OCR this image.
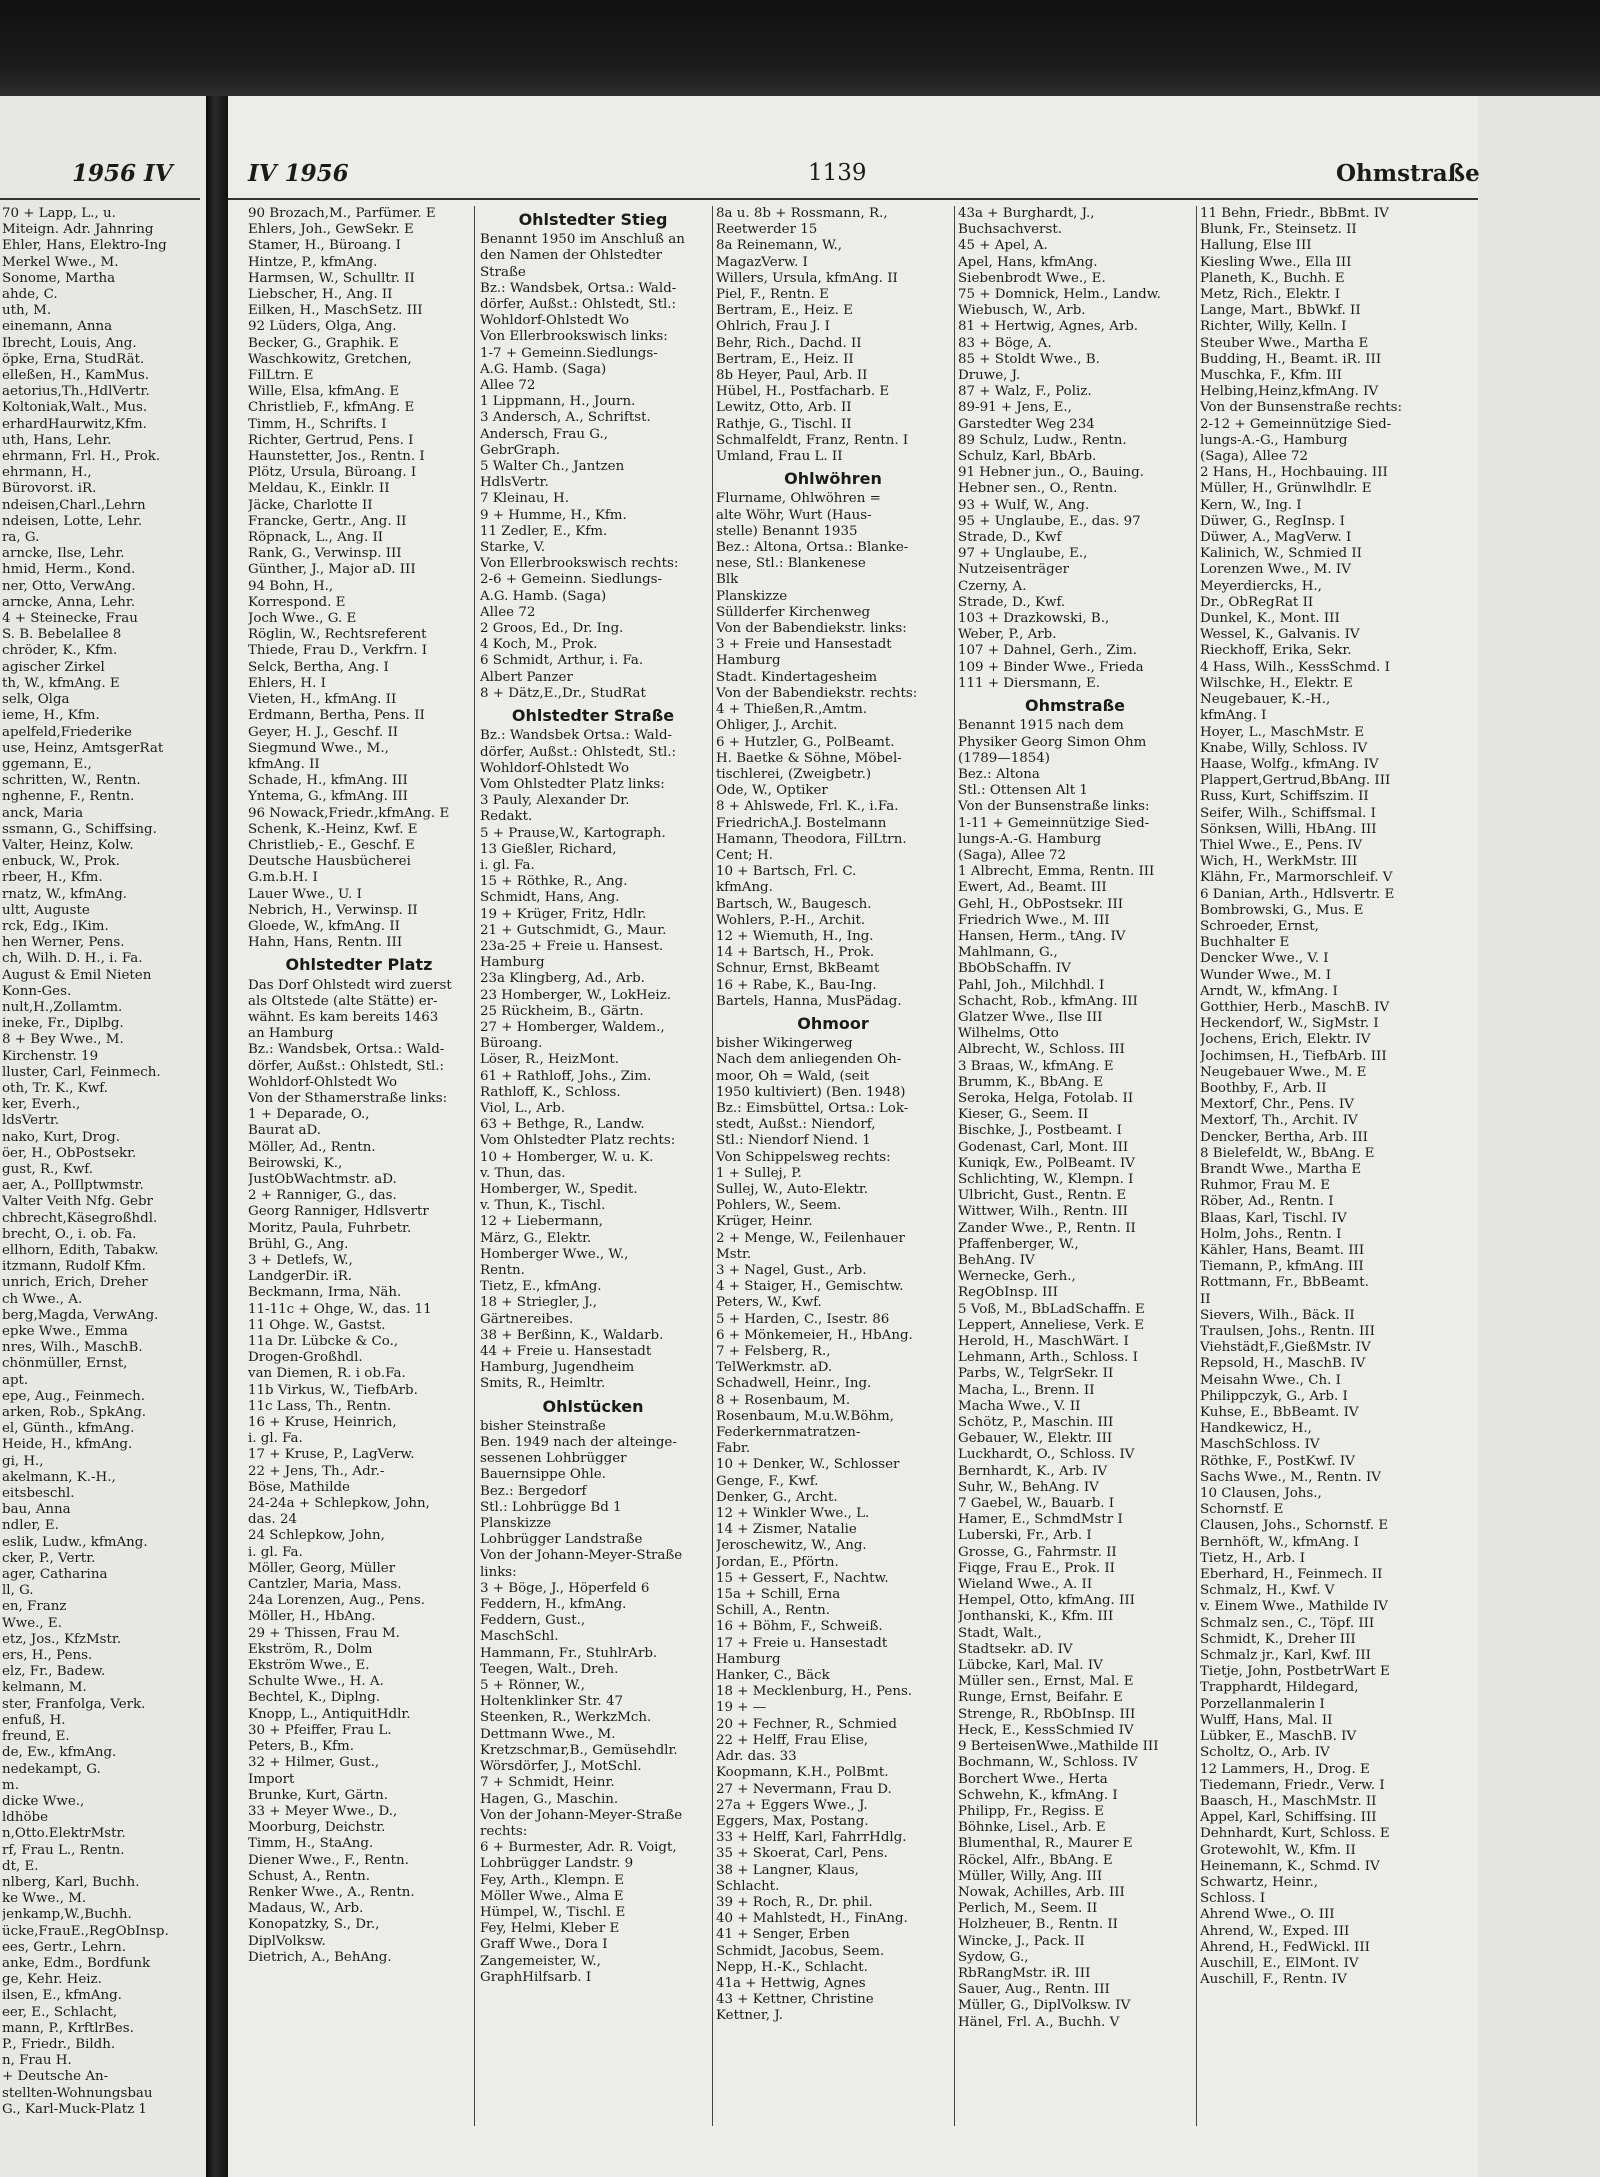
1956 IV
70 + Lapp, L., u.
Miteign. Adr. Jahnring
Ehler, Hans, Elektro-Ing
Merkel Wwe., M.
Sonome, Martha
ahde, C.
uth, M.
einemann, Anna
Ibrecht, Louis, Ang.
öpke, Erna, StudRät.
elleßen, H., KamMus.
aetorius,Th.,HdlVertr.
Koltoniak,Walt., Mus.
erhardHaurwitz,Kfm.
uth, Hans, Lehr.
ehrmann, Frl. H., Prok.
ehrmann, H.,
Bürovorst. iR.
ndeisen,Charl.,Lehrn
ndeisen, Lotte, Lehr.
ra, G.
arncke, Ilse, Lehr.
hmid, Herm., Kond.
ner, Otto, VerwAng.
arncke, Anna, Lehr.
4 + Steinecke, Frau
S. B. Bebelallee 8
chröder, K., Kfm.
agischer Zirkel
th, W., kfmAng. E
selk, Olga
ieme, H., Kfm.
apelfeld,Friederike
use, Heinz, AmtsgerRat
ggemann, E.,
schritten, W., Rentn.
nghenne, F., Rentn.
anck, Maria
ssmann, G., Schiffsing.
Valter, Heinz, Kolw.
enbuck, W., Prok.
rbeer, H., Kfm.
rnatz, W., kfmAng.
ultt, Auguste
rck, Edg., IKim.
hen Werner, Pens.
ch, Wilh. D. H., i. Fa.
August & Emil Nieten
Konn-Ges.
nult,H.,Zollamtm.
ineke, Fr., Diplbg.
8 + Bey Wwe., M.
Kirchenstr. 19
lluster, Carl, Feinmech.
oth, Tr. K., Kwf.
ker, Everh.,
ldsVertr.
nako, Kurt, Drog.
öer, H., ObPostsekr.
gust, R., Kwf.
aer, A., PolIlptwmstr.
Valter Veith Nfg. Gebr
chbrecht,Käsegroßhdl.
brecht, O., i. ob. Fa.
ellhorn, Edith, Tabakw.
itzmann, Rudolf Kfm.
unrich, Erich, Dreher
ch Wwe., A.
berg,Magda, VerwAng.
epke Wwe., Emma
nres, Wilh., MaschB.
chönmüller, Ernst,
apt.
epe, Aug., Feinmech.
arken, Rob., SpkAng.
el, Günth., kfmAng.
Heide, H., kfmAng.
gi, H.,
akelmann, K.-H.,
eitsbeschl.
bau, Anna
ndler, E.
eslik, Ludw., kfmAng.
cker, P., Vertr.
ager, Catharina
ll, G.
en, Franz
Wwe., E.
etz, Jos., KfzMstr.
ers, H., Pens.
elz, Fr., Badew.
kelmann, M.
ster, Franfolga, Verk.
enfuß, H.
freund, E.
de, Ew., kfmAng.
nedekampt, G.
m.
dicke Wwe.,
ldhöbe
n,Otto.ElektrMstr.
rf, Frau L., Rentn.
dt, E.
nlberg, Karl, Buchh.
ke Wwe., M.
jenkamp,W.,Buchh.
ücke,FrauE.,RegObInsp.
ees, Gertr., Lehrn.
anke, Edm., Bordfunk
ge, Kehr. Heiz.
ilsen, E., kfmAng.
eer, E., Schlacht,
mann, P., KrftlrBes.
P., Friedr., Bildh.
n, Frau H.
+ Deutsche An-
stellten-Wohnungsbau
G., Karl-Muck-Platz 1
IV 1956	1139	Ohmstraße
90 Brozach,M., Parfümer. E
Ehlers, Joh., GewSekr. E
Stamer, H., Büroang. I
Hintze, P., kfmAng.
Harmsen, W., Schulltr. II
Liebscher, H., Ang. II
Eilken, H., MaschSetz. III
92 Lüders, Olga, Ang.
Becker, G., Graphik. E
Waschkowitz, Gretchen,
FilLtrn. E
Wille, Elsa, kfmAng. E
Christlieb, F., kfmAng. E
Timm, H., Schrifts. I
Richter, Gertrud, Pens. I
Haunstetter, Jos., Rentn. I
Plötz, Ursula, Büroang. I
Meldau, K., Einklr. II
Jäcke, Charlotte II
Francke, Gertr., Ang. II
Röpnack, L., Ang. II
Rank, G., Verwinsp. III
Günther, J., Major aD. III
94 Bohn, H.,
Korrespond. E
Joch Wwe., G. E
Röglin, W., Rechtsreferent
Thiede, Frau D., Verkfrn. I
Selck, Bertha, Ang. I
Ehlers, H. I
Vieten, H., kfmAng. II
Erdmann, Bertha, Pens. II
Geyer, H. J., Geschf. II
Siegmund Wwe., M.,
kfmAng. II
Schade, H., kfmAng. III
Yntema, G., kfmAng. III
96 Nowack,Friedr.,kfmAng. E
Schenk, K.-Heinz, Kwf. E
Christlieb,- E., Geschf. E
Deutsche Hausbücherei
G.m.b.H. I
Lauer Wwe., U. I
Nebrich, H., Verwinsp. II
Gloede, W., kfmAng. II
Hahn, Hans, Rentn. III
Ohlstedter Platz
Das Dorf Ohlstedt wird zuerst
als Oltstede (alte Stätte) er-
wähnt. Es kam bereits 1463
an Hamburg
Bz.: Wandsbek, Ortsa.: Wald-
dörfer, Außst.: Ohlstedt, Stl.:
Wohldorf-Ohlstedt Wo
Von der Sthamerstraße links:
1 + Deparade, O.,
Baurat aD.
Möller, Ad., Rentn.
Beirowski, K.,
JustObWachtmstr. aD.
2 + Ranniger, G., das.
Georg Ranniger, Hdlsvertr
Moritz, Paula, Fuhrbetr.
Brühl, G., Ang.
3 + Detlefs, W.,
LandgerDir. iR.
Beckmann, Irma, Näh.
11-11c + Ohge, W., das. 11
11 Ohge. W., Gastst.
11a Dr. Lübcke & Co.,
Drogen-Großhdl.
van Diemen, R. i ob.Fa.
11b Virkus, W., TiefbArb.
11c Lass, Th., Rentn.
16 + Kruse, Heinrich,
i. gl. Fa.
17 + Kruse, P., LagVerw.
22 + Jens, Th., Adr.-
Böse, Mathilde
24-24a + Schlepkow, John,
das. 24
24 Schlepkow, John,
i. gl. Fa.
Möller, Georg, Müller
Cantzler, Maria, Mass.
24a Lorenzen, Aug., Pens.
Möller, H., HbAng.
29 + Thissen, Frau M.
Ekström, R., Dolm
Ekström Wwe., E.
Schulte Wwe., H. A.
Bechtel, K., Diplng.
Knopp, L., AntiquitHdlr.
30 + Pfeiffer, Frau L.
Peters, B., Kfm.
32 + Hilmer, Gust.,
Import
Brunke, Kurt, Gärtn.
33 + Meyer Wwe., D.,
Moorburg, Deichstr.
Timm, H., StaAng.
Diener Wwe., F., Rentn.
Schust, A., Rentn.
Renker Wwe., A., Rentn.
Madaus, W., Arb.
Konopatzky, S., Dr.,
DiplVolksw.
Dietrich, A., BehAng.
Ohlstedter Stieg
Benannt 1950 im Anschluß an
den Namen der Ohlstedter
Straße
Bz.: Wandsbek, Ortsa.: Wald-
dörfer, Außst.: Ohlstedt, Stl.:
Wohldorf-Ohlstedt Wo
Von Ellerbrookswisch links:
1-7 + Gemeinn.Siedlungs-
A.G. Hamb. (Saga)
Allee 72
1 Lippmann, H., Journ.
3 Andersch, A., Schriftst.
Andersch, Frau G.,
GebrGraph.
5 Walter Ch., Jantzen
HdlsVertr.
7 Kleinau, H.
9 + Humme, H., Kfm.
11 Zedler, E., Kfm.
Starke, V.
Von Ellerbrookswisch rechts:
2-6 + Gemeinn. Siedlungs-
A.G. Hamb. (Saga)
Allee 72
2 Groos, Ed., Dr. Ing.
4 Koch, M., Prok.
6 Schmidt, Arthur, i. Fa.
Albert Panzer
8 + Dätz,E.,Dr., StudRat
Ohlstedter Straße
Bz.: Wandsbek Ortsa.: Wald-
dörfer, Außst.: Ohlstedt, Stl.:
Wohldorf-Ohlstedt Wo
Vom Ohlstedter Platz links:
3 Pauly, Alexander Dr.
Redakt.
5 + Prause,W., Kartograph.
13 Gießler, Richard,
i. gl. Fa.
15 + Röthke, R., Ang.
Schmidt, Hans, Ang.
19 + Krüger, Fritz, Hdlr.
21 + Gutschmidt, G., Maur.
23a-25 + Freie u. Hansest.
Hamburg
23a Klingberg, Ad., Arb.
23 Homberger, W., LokHeiz.
25 Rückheim, B., Gärtn.
27 + Homberger, Waldem.,
Büroang.
Löser, R., HeizMont.
61 + Rathloff, Johs., Zim.
Rathloff, K., Schloss.
Viol, L., Arb.
63 + Bethge, R., Landw.
Vom Ohlstedter Platz rechts:
10 + Homberger, W. u. K.
v. Thun, das.
Homberger, W., Spedit.
v. Thun, K., Tischl.
12 + Liebermann,
März, G., Elektr.
Homberger Wwe., W.,
Rentn.
Tietz, E., kfmAng.
18 + Striegler, J.,
Gärtnereibes.
38 + Berßinn, K., Waldarb.
44 + Freie u. Hansestadt
Hamburg, Jugendheim
Smits, R., Heimltr.
Ohlstücken
bisher Steinstraße
Ben. 1949 nach der alteinge-
sessenen Lohbrügger
Bauernsippe Ohle.
Bez.: Bergedorf
Stl.: Lohbrügge Bd 1
Planskizze
Lohbrügger Landstraße
Von der Johann-Meyer-Straße
links:
3 + Böge, J., Höperfeld 6
Feddern, H., kfmAng.
Feddern, Gust.,
MaschSchl.
Hammann, Fr., StuhlrArb.
Teegen, Walt., Dreh.
5 + Rönner, W.,
Holtenklinker Str. 47
Steenken, R., WerkzMch.
Dettmann Wwe., M.
Kretzschmar,B., Gemüsehdlr.
Wörsdörfer, J., MotSchl.
7 + Schmidt, Heinr.
Hagen, G., Maschin.
Von der Johann-Meyer-Straße
rechts:
6 + Burmester, Adr. R. Voigt,
Lohbrügger Landstr. 9
Fey, Arth., Klempn. E
Möller Wwe., Alma E
Hümpel, W., Tischl. E
Fey, Helmi, Kleber E
Graff Wwe., Dora I
Zangemeister, W.,
GraphHilfsarb. I
8a u. 8b + Rossmann, R.,
Reetwerder 15
8a Reinemann, W.,
MagazVerw. I
Willers, Ursula, kfmAng. II
Piel, F., Rentn. E
Bertram, E., Heiz. E
Ohlrich, Frau J. I
Behr, Rich., Dachd. II
Bertram, E., Heiz. II
8b Heyer, Paul, Arb. II
Hübel, H., Postfacharb. E
Lewitz, Otto, Arb. II
Rathje, G., Tischl. II
Schmalfeldt, Franz, Rentn. I
Umland, Frau L. II
Ohlwöhren
Flurname, Ohlwöhren =
alte Wöhr, Wurt (Haus-
stelle) Benannt 1935
Bez.: Altona, Ortsa.: Blanke-
nese, Stl.: Blankenese
Blk
Planskizze
Süllderfer Kirchenweg
Von der Babendiekstr. links:
3 + Freie und Hansestadt
Hamburg
Stadt. Kindertagesheim
Von der Babendiekstr. rechts:
4 + Thießen,R.,Amtm.
Ohliger, J., Archit.
6 + Hutzler, G., PolBeamt.
H. Baetke & Söhne, Möbel-
tischlerei, (Zweigbetr.)
Ode, W., Optiker
8 + Ahlswede, Frl. K., i.Fa.
FriedrichA.J. Bostelmann
Hamann, Theodora, FilLtrn.
Cent; H.
10 + Bartsch, Frl. C.
kfmAng.
Bartsch, W., Baugesch.
Wohlers, P.-H., Archit.
12 + Wiemuth, H., Ing.
14 + Bartsch, H., Prok.
Schnur, Ernst, BkBeamt
16 + Rabe, K., Bau-Ing.
Bartels, Hanna, MusPädag.
Ohmoor
bisher Wikingerweg
Nach dem anliegenden Oh-
moor, Oh = Wald, (seit
1950 kultiviert) (Ben. 1948)
Bz.: Eimsbüttel, Ortsa.: Lok-
stedt, Außst.: Niendorf,
Stl.: Niendorf Niend. 1
Von Schippelsweg rechts:
1 + Sullej, P.
Sullej, W., Auto-Elektr.
Pohlers, W., Seem.
Krüger, Heinr.
2 + Menge, W., Feilenhauer
Mstr.
3 + Nagel, Gust., Arb.
4 + Staiger, H., Gemischtw.
Peters, W., Kwf.
5 + Harden, C., Isestr. 86
6 + Mönkemeier, H., HbAng.
7 + Felsberg, R.,
TelWerkmstr. aD.
Schadwell, Heinr., Ing.
8 + Rosenbaum, M.
Rosenbaum, M.u.W.Böhm,
Federkernmatratzen-
Fabr.
10 + Denker, W., Schlosser
Genge, F., Kwf.
Denker, G., Archt.
12 + Winkler Wwe., L.
14 + Zismer, Natalie
Jeroschewitz, W., Ang.
Jordan, E., Pförtn.
15 + Gessert, F., Nachtw.
15a + Schill, Erna
Schill, A., Rentn.
16 + Böhm, F., Schweiß.
17 + Freie u. Hansestadt
Hamburg
Hanker, C., Bäck
18 + Mecklenburg, H., Pens.
19 + —
20 + Fechner, R., Schmied
22 + Helff, Frau Elise,
Adr. das. 33
Koopmann, K.H., PolBmt.
27 + Nevermann, Frau D.
27a + Eggers Wwe., J.
Eggers, Max, Postang.
33 + Helff, Karl, FahrrHdlg.
35 + Skoerat, Carl, Pens.
38 + Langner, Klaus,
Schlacht.
39 + Roch, R., Dr. phil.
40 + Mahlstedt, H., FinAng.
41 + Senger, Erben
Schmidt, Jacobus, Seem.
Nepp, H.-K., Schlacht.
41a + Hettwig, Agnes
43 + Kettner, Christine
Kettner, J.
43a + Burghardt, J.,
Buchsachverst.
45 + Apel, A.
Apel, Hans, kfmAng.
Siebenbrodt Wwe., E.
75 + Domnick, Helm., Landw.
Wiebusch, W., Arb.
81 + Hertwig, Agnes, Arb.
83 + Böge, A.
85 + Stoldt Wwe., B.
Druwe, J.
87 + Walz, F., Poliz.
89-91 + Jens, E.,
Garstedter Weg 234
89 Schulz, Ludw., Rentn.
Schulz, Karl, BbArb.
91 Hebner jun., O., Bauing.
Hebner sen., O., Rentn.
93 + Wulf, W., Ang.
95 + Unglaube, E., das. 97
Strade, D., Kwf
97 + Unglaube, E.,
Nutzeisenträger
Czerny, A.
Strade, D., Kwf.
103 + Drazkowski, B.,
Weber, P., Arb.
107 + Dahnel, Gerh., Zim.
109 + Binder Wwe., Frieda
111 + Diersmann, E.
Ohmstraße
Benannt 1915 nach dem
Physiker Georg Simon Ohm
(1789—1854)
Bez.: Altona
Stl.: Ottensen Alt 1
Von der Bunsenstraße links:
1-11 + Gemeinnützige Sied-
lungs-A.-G. Hamburg
(Saga), Allee 72
1 Albrecht, Emma, Rentn. III
Ewert, Ad., Beamt. III
Gehl, H., ObPostsekr. III
Friedrich Wwe., M. III
Hansen, Herm., tAng. IV
Mahlmann, G.,
BbObSchaffn. IV
Pahl, Joh., Milchhdl. I
Schacht, Rob., kfmAng. III
Glatzer Wwe., Ilse III
Wilhelms, Otto
Albrecht, W., Schloss. III
3 Braas, W., kfmAng. E
Brumm, K., BbAng. E
Seroka, Helga, Fotolab. II
Kieser, G., Seem. II
Bischke, J., Postbeamt. I
Godenast, Carl, Mont. III
Kuniqk, Ew., PolBeamt. IV
Schlichting, W., Klempn. I
Ulbricht, Gust., Rentn. E
Wittwer, Wilh., Rentn. III
Zander Wwe., P., Rentn. II
Pfaffenberger, W.,
BehAng. IV
Wernecke, Gerh.,
RegObInsp. III
5 Voß, M., BbLadSchaffn. E
Leppert, Anneliese, Verk. E
Herold, H., MaschWärt. I
Lehmann, Arth., Schloss. I
Parbs, W., TelgrSekr. II
Macha, L., Brenn. II
Macha Wwe., V. II
Schötz, P., Maschin. III
Gebauer, W., Elektr. III
Luckhardt, O., Schloss. IV
Bernhardt, K., Arb. IV
Suhr, W., BehAng. IV
7 Gaebel, W., Bauarb. I
Hamer, E., SchmdMstr I
Luberski, Fr., Arb. I
Grosse, G., Fahrmstr. II
Fiqge, Frau E., Prok. II
Wieland Wwe., A. II
Hempel, Otto, kfmAng. III
Jonthanski, K., Kfm. III
Stadt, Walt.,
Stadtsekr. aD. IV
Lübcke, Karl, Mal. IV
Müller sen., Ernst, Mal. E
Runge, Ernst, Beifahr. E
Strenge, R., RbObInsp. III
Heck, E., KessSchmied IV
9 BerteisenWwe.,Mathilde III
Bochmann, W., Schloss. IV
Borchert Wwe., Herta
Schwehn, K., kfmAng. I
Philipp, Fr., Regiss. E
Böhnke, Lisel., Arb. E
Blumenthal, R., Maurer E
Röckel, Alfr., BbAng. E
Müller, Willy, Ang. III
Nowak, Achilles, Arb. III
Perlich, M., Seem. II
Holzheuer, B., Rentn. II
Wincke, J., Pack. II
Sydow, G.,
RbRangMstr. iR. III
Sauer, Aug., Rentn. III
Müller, G., DiplVolksw. IV
Hänel, Frl. A., Buchh. V
11 Behn, Friedr., BbBmt. IV
Blunk, Fr., Steinsetz. II
Hallung, Else III
Kiesling Wwe., Ella III
Planeth, K., Buchh. E
Metz, Rich., Elektr. I
Lange, Mart., BbWkf. II
Richter, Willy, Kelln. I
Steuber Wwe., Martha E
Budding, H., Beamt. iR. III
Muschka, F., Kfm. III
Helbing,Heinz,kfmAng. IV
Von der Bunsenstraße rechts:
2-12 + Gemeinnützige Sied-
lungs-A.-G., Hamburg
(Saga), Allee 72
2 Hans, H., Hochbauing. III
Müller, H., Grünwlhdlr. E
Kern, W., Ing. I
Düwer, G., RegInsp. I
Düwer, A., MagVerw. I
Kalinich, W., Schmied II
Lorenzen Wwe., M. IV
Meyerdiercks, H.,
Dr., ObRegRat II
Dunkel, K., Mont. III
Wessel, K., Galvanis. IV
Rieckhoff, Erika, Sekr.
4 Hass, Wilh., KessSchmd. I
Wilschke, H., Elektr. E
Neugebauer, K.-H.,
kfmAng. I
Hoyer, L., MaschMstr. E
Knabe, Willy, Schloss. IV
Haase, Wolfg., kfmAng. IV
Plappert,Gertrud,BbAng. III
Russ, Kurt, Schiffszim. II
Seifer, Wilh., Schiffsmal. I
Sönksen, Willi, HbAng. III
Thiel Wwe., E., Pens. IV
Wich, H., WerkMstr. III
Klähn, Fr., Marmorschleif. V
6 Danian, Arth., Hdlsvertr. E
Bombrowski, G., Mus. E
Schroeder, Ernst,
Buchhalter E
Dencker Wwe., V. I
Wunder Wwe., M. I
Arndt, W., kfmAng. I
Gotthier, Herb., MaschB. IV
Heckendorf, W., SigMstr. I
Jochens, Erich, Elektr. IV
Jochimsen, H., TiefbArb. III
Neugebauer Wwe., M. E
Boothby, F., Arb. II
Mextorf, Chr., Pens. IV
Mextorf, Th., Archit. IV
Dencker, Bertha, Arb. III
8 Bielefeldt, W., BbAng. E
Brandt Wwe., Martha E
Ruhmor, Frau M. E
Röber, Ad., Rentn. I
Blaas, Karl, Tischl. IV
Holm, Johs., Rentn. I
Kähler, Hans, Beamt. III
Tiemann, P., kfmAng. III
Rottmann, Fr., BbBeamt.
II
Sievers, Wilh., Bäck. II
Traulsen, Johs., Rentn. III
Viehstädt,F.,GießMstr. IV
Repsold, H., MaschB. IV
Meisahn Wwe., Ch. I
Philippczyk, G., Arb. I
Kuhse, E., BbBeamt. IV
Handkewicz, H.,
MaschSchloss. IV
Röthke, F., PostKwf. IV
Sachs Wwe., M., Rentn. IV
10 Clausen, Johs.,
Schornstf. E
Clausen, Johs., Schornstf. E
Bernhöft, W., kfmAng. I
Tietz, H., Arb. I
Eberhard, H., Feinmech. II
Schmalz, H., Kwf. V
v. Einem Wwe., Mathilde IV
Schmalz sen., C., Töpf. III
Schmidt, K., Dreher III
Schmalz jr., Karl, Kwf. III
Tietje, John, PostbetrWart E
Trapphardt, Hildegard,
Porzellanmalerin I
Wulff, Hans, Mal. II
Lübker, E., MaschB. IV
Scholtz, O., Arb. IV
12 Lammers, H., Drog. E
Tiedemann, Friedr., Verw. I
Baasch, H., MaschMstr. II
Appel, Karl, Schiffsing. III
Dehnhardt, Kurt, Schloss. E
Grotewohlt, W., Kfm. II
Heinemann, K., Schmd. IV
Schwartz, Heinr.,
Schloss. I
Ahrend Wwe., O. III
Ahrend, W., Exped. III
Ahrend, H., FedWickl. III
Auschill, E., ElMont. IV
Auschill, F., Rentn. IV
